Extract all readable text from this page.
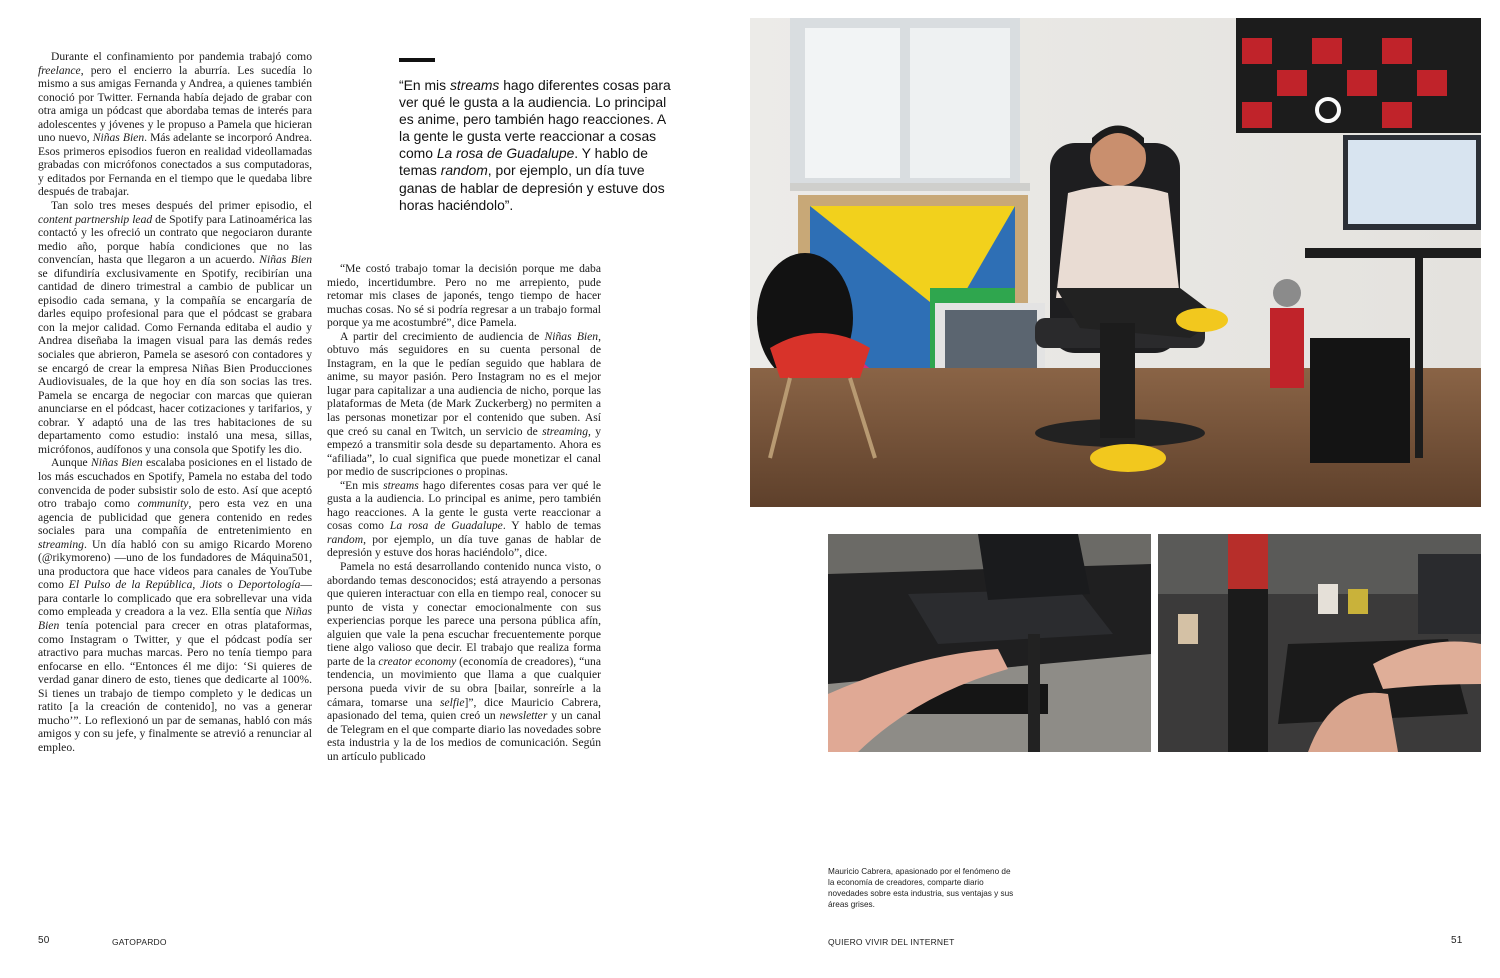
Durante el confinamiento por pandemia trabajó como freelance, pero el encierro la aburría. Les sucedía lo mismo a sus amigas Fernanda y Andrea, a quienes también conoció por Twitter. Fernanda había dejado de grabar con otra amiga un pódcast que abordaba temas de interés para adolescentes y jóvenes y le propuso a Pamela que hicieran uno nuevo, Niñas Bien. Más adelante se incorporó Andrea. Esos primeros episodios fueron en realidad videollamadas grabadas con micrófonos conectados a sus computadoras, y editados por Fernanda en el tiempo que le quedaba libre después de trabajar.

Tan solo tres meses después del primer episodio, el content partnership lead de Spotify para Latinoamérica las contactó y les ofreció un contrato que negociaron durante medio año, porque había condiciones que no las convencían, hasta que llegaron a un acuerdo. Niñas Bien se difundiría exclusivamente en Spotify, recibirían una cantidad de dinero trimestral a cambio de publicar un episodio cada semana, y la compañía se encargaría de darles equipo profesional para que el pódcast se grabara con la mejor calidad. Como Fernanda editaba el audio y Andrea diseñaba la imagen visual para las demás redes sociales que abrieron, Pamela se asesoró con contadores y se encargó de crear la empresa Niñas Bien Producciones Audiovisuales, de la que hoy en día son socias las tres. Pamela se encarga de negociar con marcas que quieran anunciarse en el pódcast, hacer cotizaciones y tarifarios, y cobrar. Y adaptó una de las tres habitaciones de su departamento como estudio: instaló una mesa, sillas, micrófonos, audífonos y una consola que Spotify les dio.

Aunque Niñas Bien escalaba posiciones en el listado de los más escuchados en Spotify, Pamela no estaba del todo convencida de poder subsistir solo de esto. Así que aceptó otro trabajo como community, pero esta vez en una agencia de publicidad que genera contenido en redes sociales para una compañía de entretenimiento en streaming. Un día habló con su amigo Ricardo Moreno (@rikymoreno) —uno de los fundadores de Máquina501, una productora que hace videos para canales de YouTube como El Pulso de la República, Jiots o Deportología— para contarle lo complicado que era sobrellevar una vida como empleada y creadora a la vez. Ella sentía que Niñas Bien tenía potencial para crecer en otras plataformas, como Instagram o Twitter, y que el pódcast podía ser atractivo para muchas marcas. Pero no tenía tiempo para enfocarse en ello. “Entonces él me dijo: ‘Si quieres de verdad ganar dinero de esto, tienes que dedicarte al 100%. Si tienes un trabajo de tiempo completo y le dedicas un ratito [a la creación de contenido], no vas a generar mucho’”. Lo reflexionó un par de semanas, habló con más amigos y con su jefe, y finalmente se atrevió a renunciar al empleo.

“En mis streams hago diferentes cosas para ver qué le gusta a la audiencia. Lo principal es anime, pero también hago reacciones. A la gente le gusta verte reaccionar a cosas como La rosa de Guadalupe. Y hablo de temas random, por ejemplo, un día tuve ganas de hablar de depresión y estuve dos horas haciéndolo”.

“Me costó trabajo tomar la decisión porque me daba miedo, incertidumbre. Pero no me arrepiento, pude retomar mis clases de japonés, tengo tiempo de hacer muchas cosas. No sé si podría regresar a un trabajo formal porque ya me acostumbré”, dice Pamela.

A partir del crecimiento de audiencia de Niñas Bien, obtuvo más seguidores en su cuenta personal de Instagram, en la que le pedían seguido que hablara de anime, su mayor pasión. Pero Instagram no es el mejor lugar para capitalizar a una audiencia de nicho, porque las plataformas de Meta (de Mark Zuckerberg) no permiten a las personas monetizar por el contenido que suben. Así que creó su canal en Twitch, un servicio de streaming, y empezó a transmitir sola desde su departamento. Ahora es “afiliada”, lo cual significa que puede monetizar el canal por medio de suscripciones o propinas.

“En mis streams hago diferentes cosas para ver qué le gusta a la audiencia. Lo principal es anime, pero también hago reacciones. A la gente le gusta verte reaccionar a cosas como La rosa de Guadalupe. Y hablo de temas random, por ejemplo, un día tuve ganas de hablar de depresión y estuve dos horas haciéndolo”, dice.

Pamela no está desarrollando contenido nunca visto, o abordando temas desconocidos; está atrayendo a personas que quieren interactuar con ella en tiempo real, conocer su punto de vista y conectar emocionalmente con sus experiencias porque les parece una persona pública afín, alguien que vale la pena escuchar frecuentemente porque tiene algo valioso que decir. El trabajo que realiza forma parte de la creator economy (economía de creadores), “una tendencia, un movimiento que llama a que cualquier persona pueda vivir de su obra [bailar, sonreírle a la cámara, tomarse una selfie]”, dice Mauricio Cabrera, apasionado del tema, quien creó un newsletter y un canal de Telegram en el que comparte diario las novedades sobre esta industria y la de los medios de comunicación. Según un artículo publicado

50	GATOPARDO

Mauricio Cabrera, apasionado por el fenómeno de la economía de creadores, comparte diario novedades sobre esta industria, sus ventajas y sus áreas grises.

QUIERO VIVIR DEL INTERNET	51
